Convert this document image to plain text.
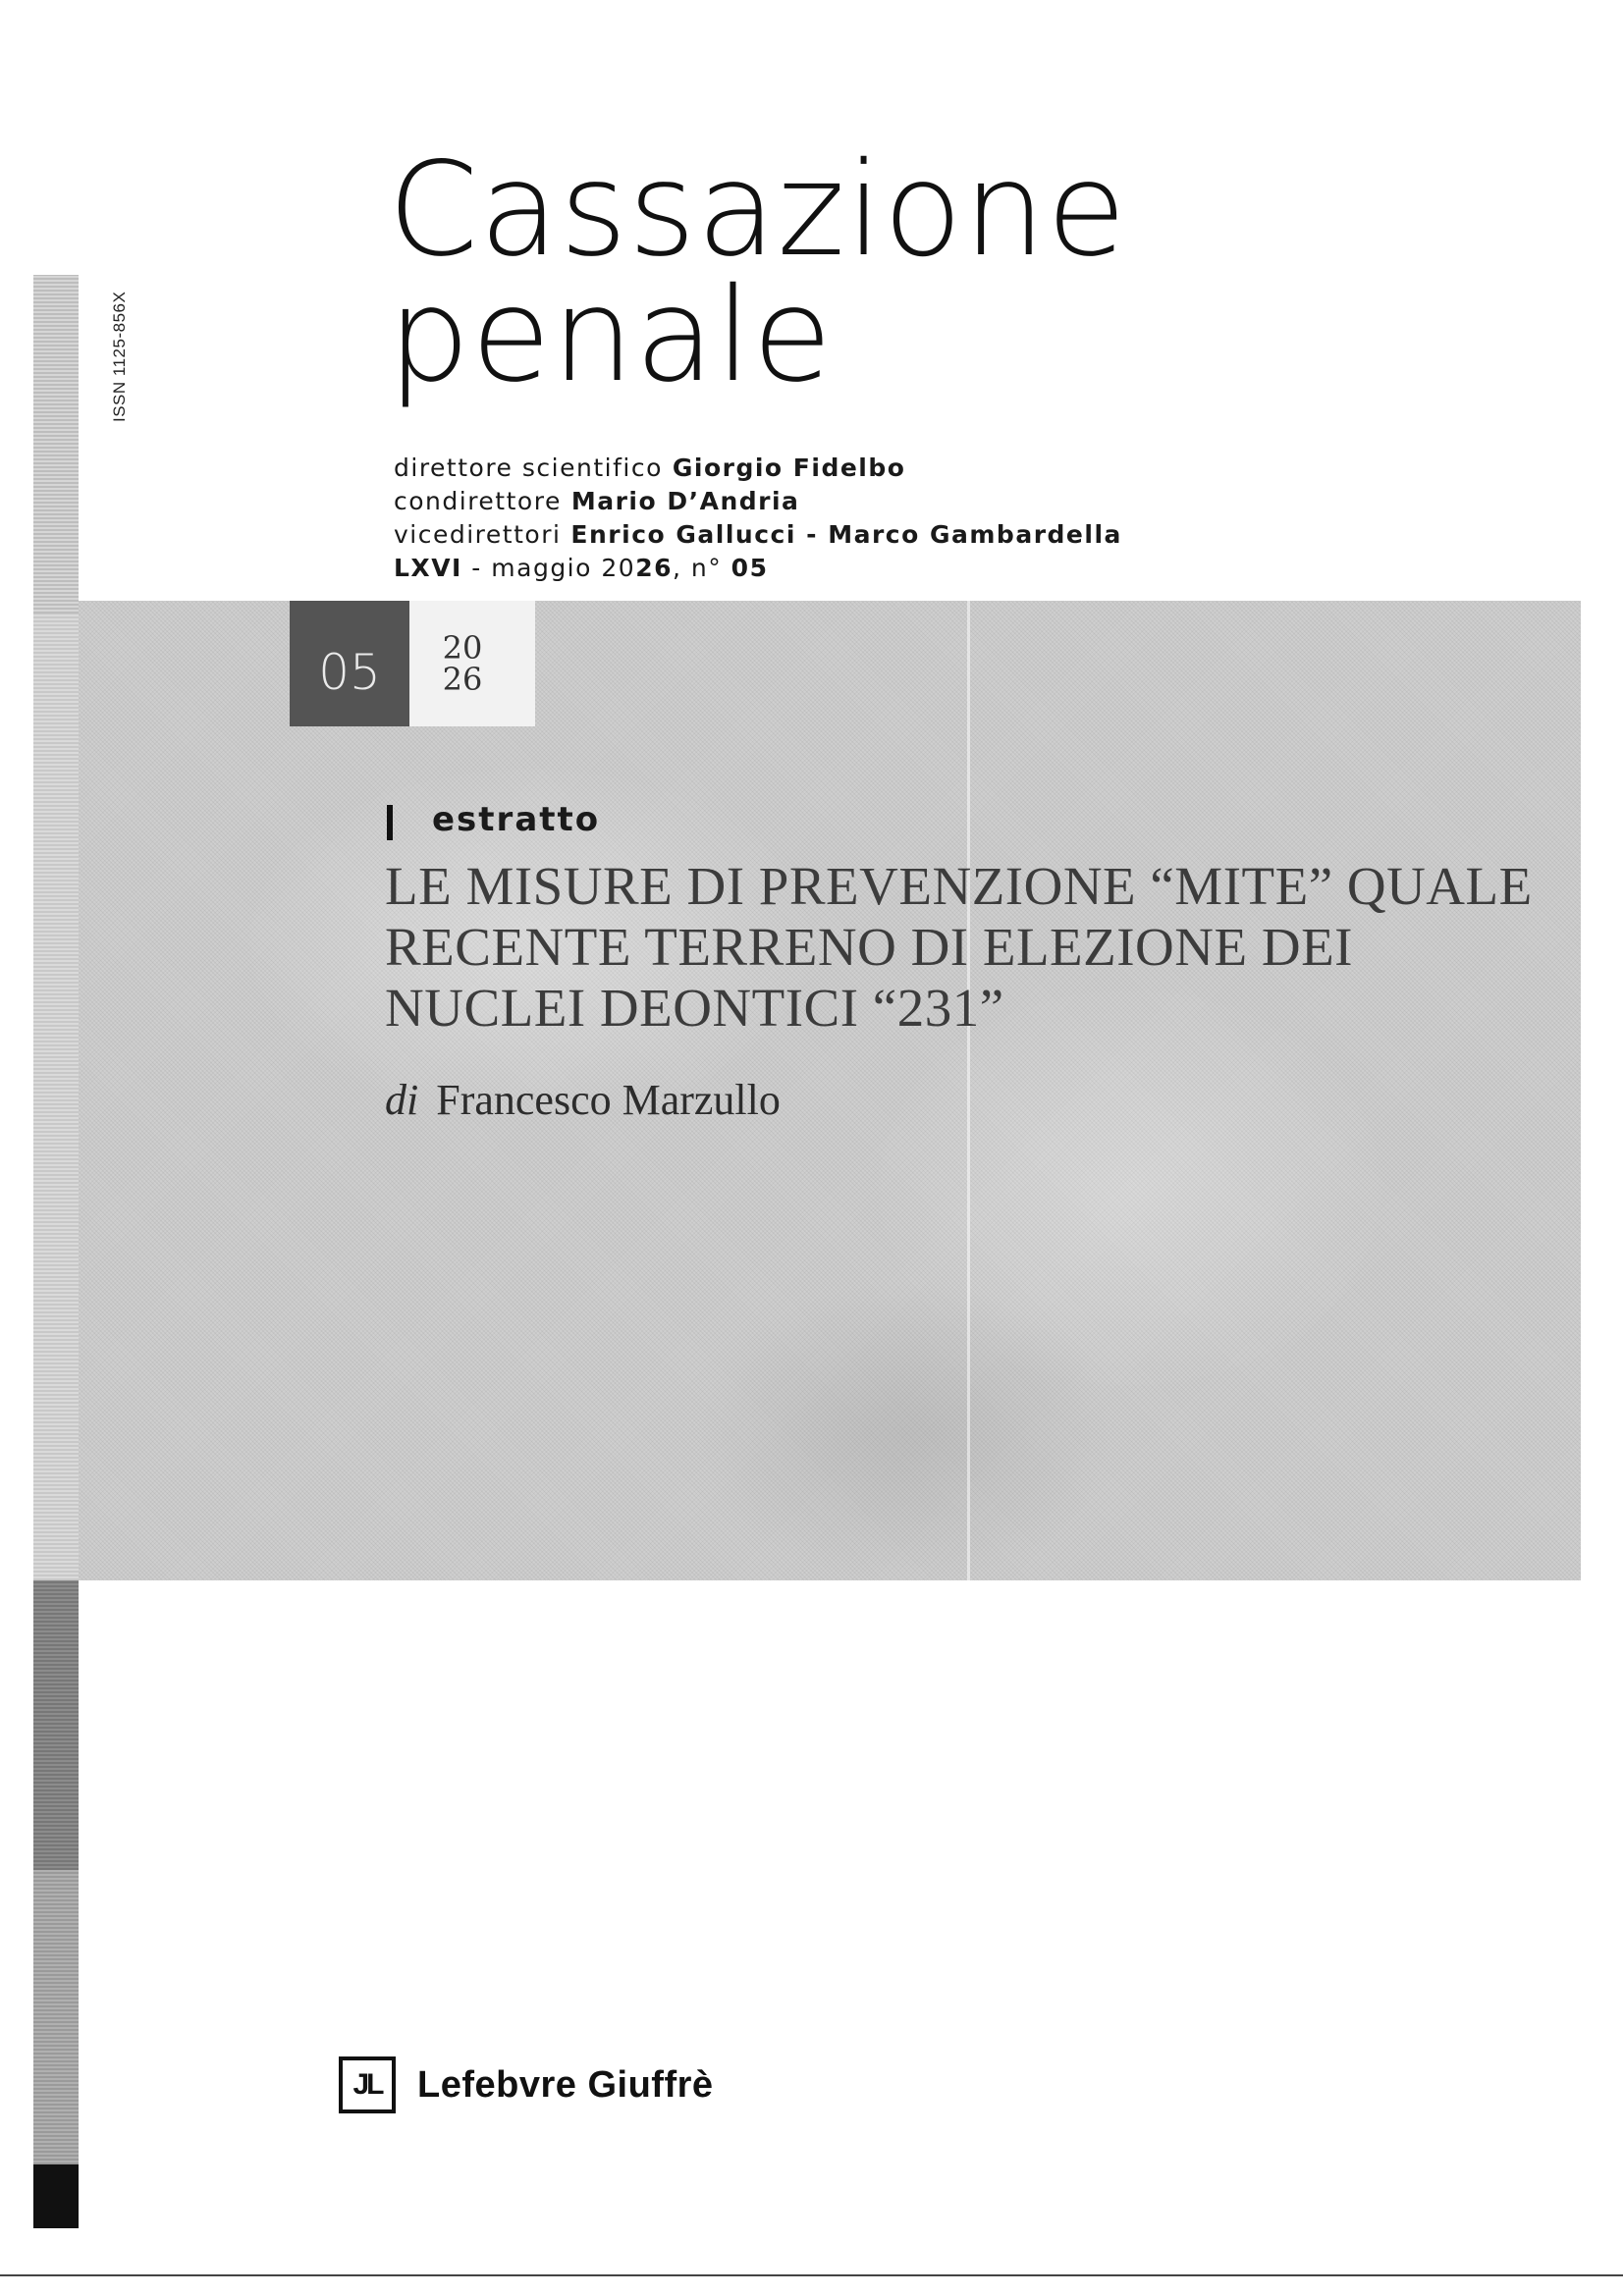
ISSN 1125-856X
Cassazione
penale
direttore scientifico Giorgio Fidelbo
condirettore Mario D’Andria
vicedirettori Enrico Gallucci - Marco Gambardella
LXVI - maggio 2026, n° 05
05	20
26
estratto
LE MISURE DI PREVENZIONE “MITE” QUALE
RECENTE TERRENO DI ELEZIONE DEI
NUCLEI DEONTICI “231”
di Francesco Marzullo
JL Lefebvre Giuffrè
